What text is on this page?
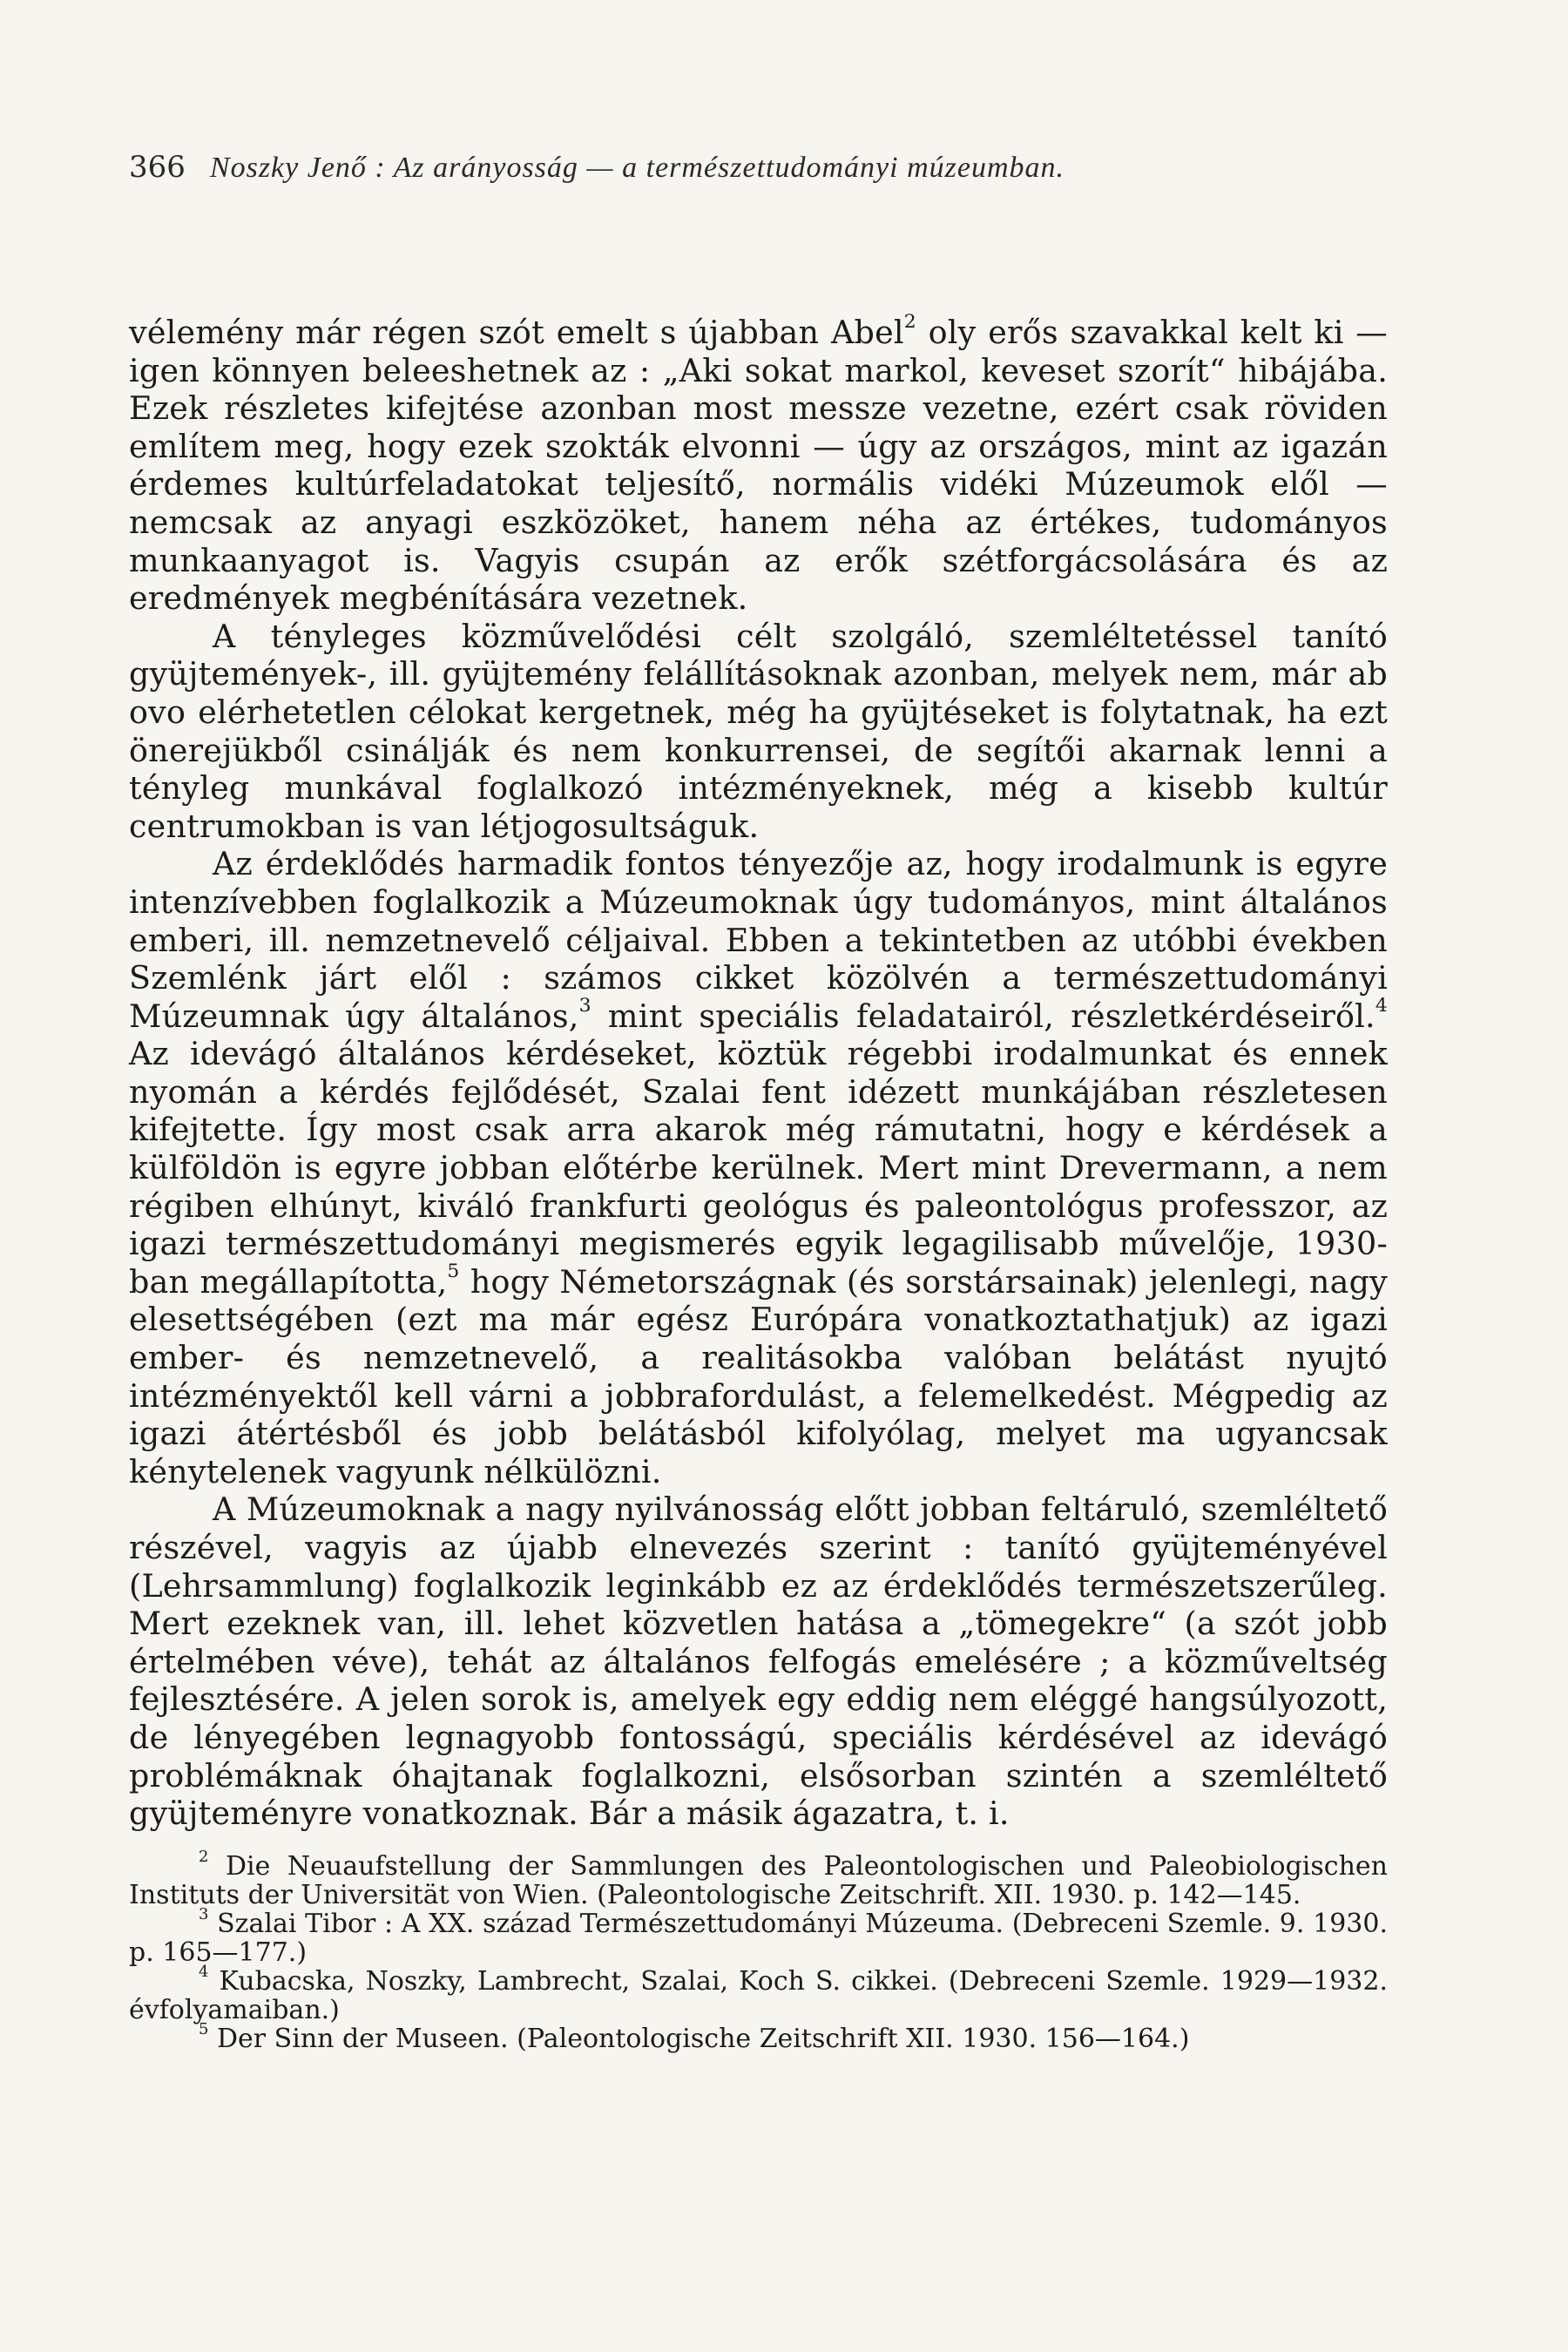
366 Noszky Jenő : Az arányosság — a természettudományi múzeumban.

vélemény már régen szót emelt s újabban Abel$^2$ oly erős szavakkal kelt ki — igen könnyen beleeshetnek az : „Aki sokat markol, keveset szorít“ hibájába. Ezek részletes kifejtése azonban most messze vezetne, ezért csak röviden említem meg, hogy ezek szokták elvonni — úgy az országos, mint az igazán érdemes kultúrfeladatokat teljesítő, normális vidéki Múzeumok elől — nemcsak az anyagi eszközöket, hanem néha az értékes, tudományos munkaanyagot is. Vagyis csupán az erők szétforgácsolására és az eredmények megbénítására vezetnek.

A tényleges közművelődési célt szolgáló, szemléltetéssel tanító gyüjtemények-, ill. gyüjtemény felállításoknak azonban, melyek nem, már ab ovo elérhetetlen célokat kergetnek, még ha gyüjtéseket is folytatnak, ha ezt önerejükből csinálják és nem konkurrensei, de segítői akarnak lenni a tényleg munkával foglalkozó intézményeknek, még a kisebb kultúr centrumokban is van létjogosultságuk.

Az érdeklődés harmadik fontos tényezője az, hogy irodalmunk is egyre intenzívebben foglalkozik a Múzeumoknak úgy tudományos, mint általános emberi, ill. nemzetnevelő céljaival. Ebben a tekintetben az utóbbi években Szemlénk járt elől : számos cikket közölvén a természettudományi Múzeumnak úgy általános,$^3$ mint speciális feladatairól, részletkérdéseiről.$^4$ Az idevágó általános kérdéseket, köztük régebbi irodalmunkat és ennek nyomán a kérdés fejlődését, Szalai fent idézett munkájában részletesen kifejtette. Így most csak arra akarok még rámutatni, hogy e kérdések a külföldön is egyre jobban előtérbe kerülnek. Mert mint Drevermann, a nem régiben elhúnyt, kiváló frankfurti geológus és paleontológus professzor, az igazi természettudományi megismerés egyik legagilisabb művelője, 1930-ban megállapította,$^5$ hogy Németországnak (és sorstársainak) jelenlegi, nagy elesettségében (ezt ma már egész Európára vonatkoztathatjuk) az igazi ember- és nemzetnevelő, a realitásokba valóban belátást nyujtó intézményektől kell várni a jobbrafordulást, a felemelkedést. Mégpedig az igazi átértésből és jobb belátásból kifolyólag, melyet ma ugyancsak kénytelenek vagyunk nélkülözni.

A Múzeumoknak a nagy nyilvánosság előtt jobban feltáruló, szemléltető részével, vagyis az újabb elnevezés szerint : tanító gyüjteményével (Lehrsammlung) foglalkozik leginkább ez az érdeklődés természetszerűleg. Mert ezeknek van, ill. lehet közvetlen hatása a „tömegekre“ (a szót jobb értelmében véve), tehát az általános felfogás emelésére ; a közműveltség fejlesztésére. A jelen sorok is, amelyek egy eddig nem eléggé hangsúlyozott, de lényegében legnagyobb fontosságú, speciális kérdésével az idevágó problémáknak óhajtanak foglalkozni, elsősorban szintén a szemléltető gyüjteményre vonatkoznak. Bár a másik ágazatra, t. i.

$^2$ Die Neuaufstellung der Sammlungen des Paleontologischen und Paleobiologischen Instituts der Universität von Wien. (Paleontologische Zeitschrift. XII. 1930. p. 142—145.

$^3$ Szalai Tibor : A XX. század Természettudományi Múzeuma. (Debreceni Szemle. 9. 1930. p. 165—177.)

$^4$ Kubacska, Noszky, Lambrecht, Szalai, Koch S. cikkei. (Debreceni Szemle. 1929—1932. évfolyamaiban.)

$^5$ Der Sinn der Museen. (Paleontologische Zeitschrift XII. 1930. 156—164.)
